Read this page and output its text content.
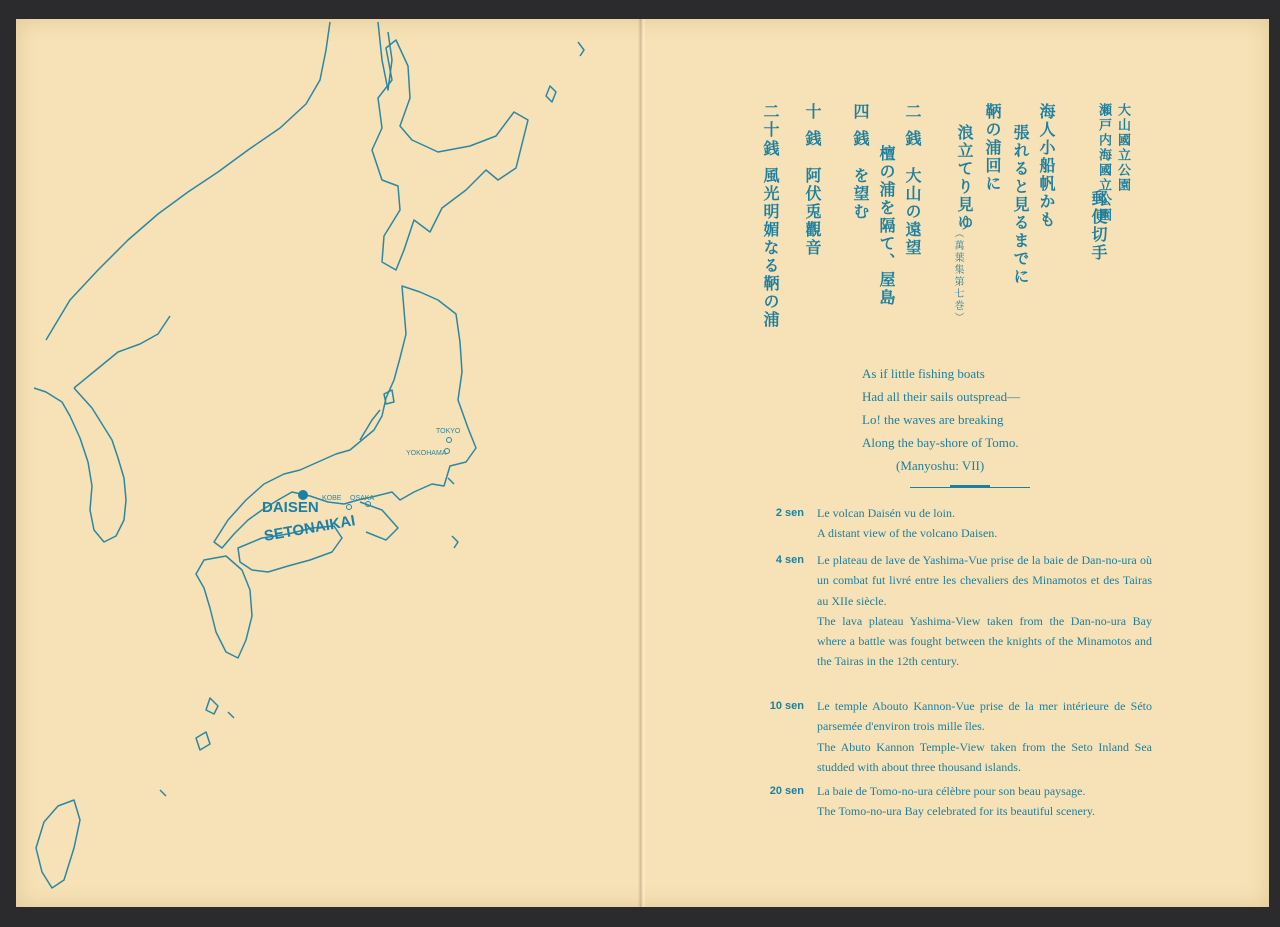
DAISEN
SETONAIKAI
TOKYO
YOKOHAMA
KOBE OSAKA
大山國立公園
瀬戸内海國立公園
郵便切手
海人小船帆かも
張れると見るまでに
鞆の浦回に
浪立てり見ゆ
（萬葉集第七巻）
二
銭
大山の遠望
四
銭
檀の浦を隔て、屋島
を望む
十
銭
阿伏兎觀音
二十
銭
風光明媚なる鞆の浦
As if little fishing boats
Had all their sails outspread—
Lo! the waves are breaking
Along the bay-shore of Tomo.
(Manyoshu: VII)
2 sen Le volcan Daisén vu de loin.

A distant view of the volcano Daisen.

4 sen Le plateau de lave de Yashima-Vue prise de la baie de Dan-no-ura où un combat fut livré entre les chevaliers des Minamotos et des Tairas au XIIe siècle.

The lava plateau Yashima-View taken from the Dan-no-ura Bay where a battle was fought between the knights of the Minamotos and the Tairas in the 12th century.

10 sen Le temple Abouto Kannon-Vue prise de la mer intérieure de Séto parsemée d'environ trois mille îles.

The Abuto Kannon Temple-View taken from the Seto Inland Sea studded with about three thousand islands.

20 sen La baie de Tomo-no-ura célèbre pour son beau paysage.

The Tomo-no-ura Bay celebrated for its beautiful scenery.
